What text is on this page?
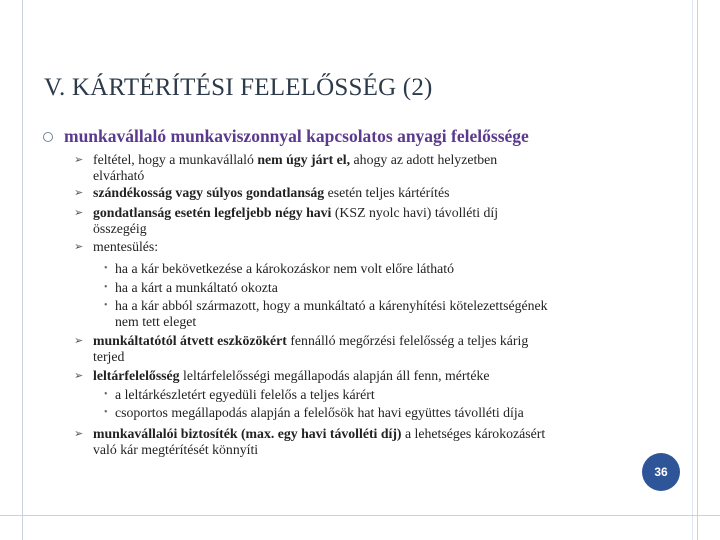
V. KÁRTÉRÍTÉSI FELELŐSSÉG (2)
munkavállaló munkaviszonnyal kapcsolatos anyagi felelőssége
➢ feltétel, hogy a munkavállaló nem úgy járt el, ahogy az adott helyzetben
elvárható
➢ szándékosság vagy súlyos gondatlanság esetén teljes kártérítés
➢ gondatlanság esetén legfeljebb négy havi (KSZ nyolc havi) távolléti díj
összegéig
➢ mentesülés:
• ha a kár bekövetkezése a károkozáskor nem volt előre látható
• ha a kárt a munkáltató okozta
• ha a kár abból származott, hogy a munkáltató a kárenyhítési kötelezettségének
nem tett eleget
➢ munkáltatótól átvett eszközökért fennálló megőrzési felelősség a teljes kárig
terjed
➢ leltárfelelősség leltárfelelősségi megállapodás alapján áll fenn, mértéke
• a leltárkészletért egyedüli felelős a teljes kárért
• csoportos megállapodás alapján a felelősök hat havi együttes távolléti díja
➢ munkavállalói biztosíték (max. egy havi távolléti díj) a lehetséges károkozásért
való kár megtérítését könnyíti
36
